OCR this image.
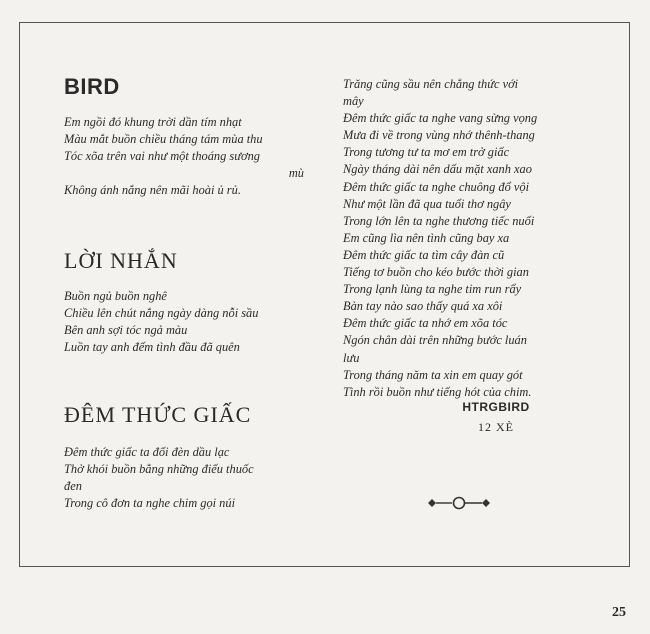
BIRD
Em ngồi đó khung trời dần tím nhạt
Màu mắt buồn chiều tháng tám mùa thu
Tóc xõa trên vai như một thoáng sương
mù
Không ánh nắng nên mãi hoài ủ rủ.
LỜI NHẮN
Buồn ngủ buồn nghê
Chiều lên chút nắng ngày dàng nỗi sầu
Bên anh sợi tóc ngả màu
Luồn tay anh đếm tình đầu đã quên
ĐÊM THỨC GIẤC
Đêm thức giấc ta đối đèn dầu lạc
Thở khói buồn bằng những điếu thuốc
đen
Trong cô đơn ta nghe chim gọi núi
Trăng cũng sầu nên chẳng thức với
mây
Đêm thức giấc ta nghe vang sừng vọng
Mưa đi về trong vùng nhớ thênh-thang
Trong tương tư ta mơ em trở giấc
Ngày tháng dài nên dấu mặt xanh xao
Đêm thức giấc ta nghe chuông đổ vội
Như một lần đã qua tuổi thơ ngây
Trong lớn lên ta nghe thương tiếc nuối
Em cũng lìa nên tình cũng bay xa
Đêm thức giấc ta tìm cây đàn cũ
Tiếng tơ buồn cho kéo bước thời gian
Trong lạnh lùng ta nghe tim run rẩy
Bàn tay nào sao thấy quá xa xôi
Đêm thức giấc ta nhớ em xõa tóc
Ngón chân dài trên những bước luán
lưu
Trong tháng năm ta xin em quay gót
Tình rồi buồn như tiếng hót của chim.
HTRGBIRD
12 XÈ
25
